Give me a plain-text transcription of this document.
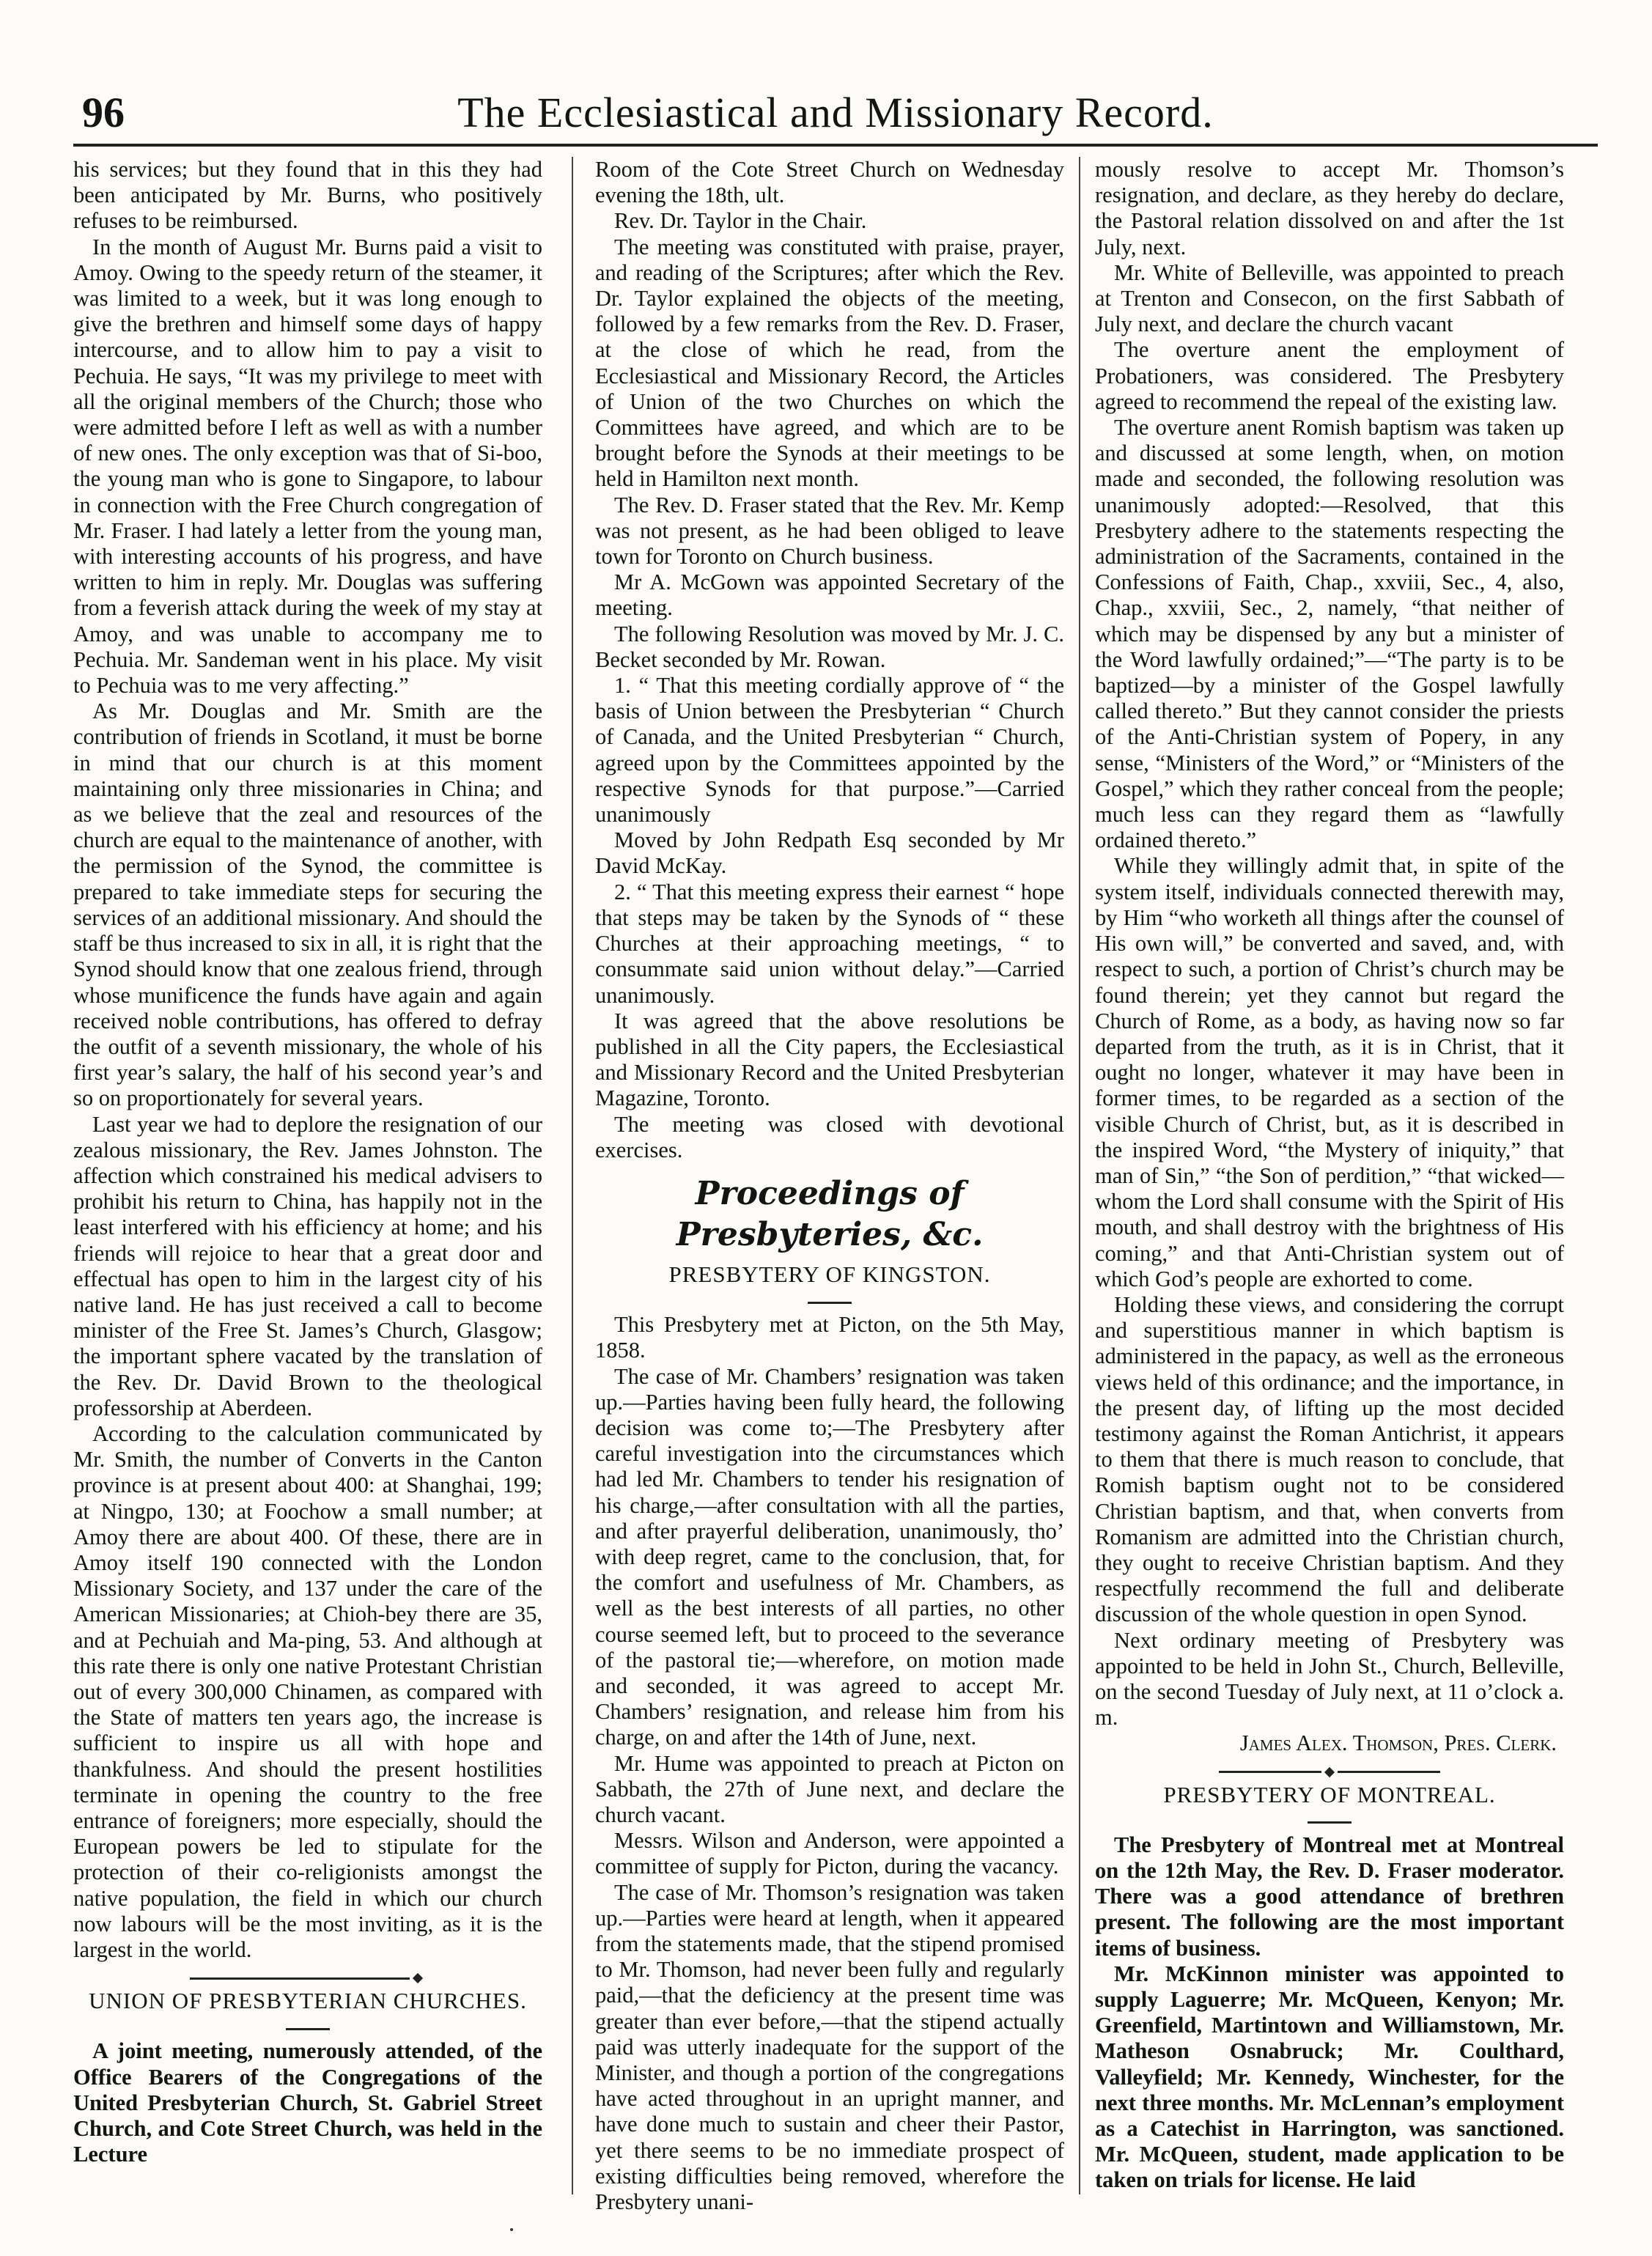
96	The Ecclesiastical and Missionary Record.

his services; but they found that in this they had been anticipated by Mr. Burns, who positively refuses to be reimbursed.

In the month of August Mr. Burns paid a visit to Amoy. Owing to the speedy return of the steamer, it was limited to a week, but it was long enough to give the brethren and himself some days of happy intercourse, and to allow him to pay a visit to Pechuia. He says, “It was my privilege to meet with all the original members of the Church; those who were admitted before I left as well as with a number of new ones. The only exception was that of Si-boo, the young man who is gone to Singapore, to labour in connection with the Free Church congregation of Mr. Fraser. I had lately a letter from the young man, with interesting accounts of his progress, and have written to him in reply. Mr. Douglas was suffering from a feverish attack during the week of my stay at Amoy, and was unable to accompany me to Pechuia. Mr. Sandeman went in his place. My visit to Pechuia was to me very affecting.”

As Mr. Douglas and Mr. Smith are the contribution of friends in Scotland, it must be borne in mind that our church is at this moment maintaining only three missionaries in China; and as we believe that the zeal and resources of the church are equal to the maintenance of another, with the permission of the Synod, the committee is prepared to take immediate steps for securing the services of an additional missionary. And should the staff be thus increased to six in all, it is right that the Synod should know that one zealous friend, through whose munificence the funds have again and again received noble contributions, has offered to defray the outfit of a seventh missionary, the whole of his first year’s salary, the half of his second year’s and so on proportionately for several years.

Last year we had to deplore the resignation of our zealous missionary, the Rev. James Johnston. The affection which constrained his medical advisers to prohibit his return to China, has happily not in the least interfered with his efficiency at home; and his friends will rejoice to hear that a great door and effectual has open to him in the largest city of his native land. He has just received a call to become minister of the Free St. James’s Church, Glasgow; the important sphere vacated by the translation of the Rev. Dr. David Brown to the theological professorship at Aberdeen.

According to the calculation communicated by Mr. Smith, the number of Converts in the Canton province is at present about 400: at Shanghai, 199; at Ningpo, 130; at Foochow a small number; at Amoy there are about 400. Of these, there are in Amoy itself 190 connected with the London Missionary Society, and 137 under the care of the American Missionaries; at Chioh-bey there are 35, and at Pechuiah and Ma-ping, 53. And although at this rate there is only one native Protestant Christian out of every 300,000 Chinamen, as compared with the State of matters ten years ago, the increase is sufficient to inspire us all with hope and thankfulness. And should the present hostilities terminate in opening the country to the free entrance of foreigners; more especially, should the European powers be led to stipulate for the protection of their co-religionists amongst the native population, the field in which our church now labours will be the most inviting, as it is the largest in the world.

UNION OF PRESBYTERIAN CHURCHES.

A joint meeting, numerously attended, of the Office Bearers of the Congregations of the United Presbyterian Church, St. Gabriel Street Church, and Cote Street Church, was held in the Lecture

Room of the Cote Street Church on Wednesday evening the 18th, ult.

Rev. Dr. Taylor in the Chair.

The meeting was constituted with praise, prayer, and reading of the Scriptures; after which the Rev. Dr. Taylor explained the objects of the meeting, followed by a few remarks from the Rev. D. Fraser, at the close of which he read, from the Ecclesiastical and Missionary Record, the Articles of Union of the two Churches on which the Committees have agreed, and which are to be brought before the Synods at their meetings to be held in Hamilton next month.

The Rev. D. Fraser stated that the Rev. Mr. Kemp was not present, as he had been obliged to leave town for Toronto on Church business.

Mr A. McGown was appointed Secretary of the meeting.

The following Resolution was moved by Mr. J. C. Becket seconded by Mr. Rowan.

1. “ That this meeting cordially approve of “ the basis of Union between the Presbyterian “ Church of Canada, and the United Presbyterian “ Church, agreed upon by the Committees appointed by the respective Synods for that purpose.”—Carried unanimously

Moved by John Redpath Esq seconded by Mr David McKay.

2. “ That this meeting express their earnest “ hope that steps may be taken by the Synods of “ these Churches at their approaching meetings, “ to consummate said union without delay.”—Carried unanimously.

It was agreed that the above resolutions be published in all the City papers, the Ecclesiastical and Missionary Record and the United Presbyterian Magazine, Toronto.

The meeting was closed with devotional exercises.

Proceedings of Presbyteries, &c.
PRESBYTERY OF KINGSTON.

This Presbytery met at Picton, on the 5th May, 1858.

The case of Mr. Chambers’ resignation was taken up.—Parties having been fully heard, the following decision was come to;—The Presbytery after careful investigation into the circumstances which had led Mr. Chambers to tender his resignation of his charge,—after consultation with all the parties, and after prayerful deliberation, unanimously, tho’ with deep regret, came to the conclusion, that, for the comfort and usefulness of Mr. Chambers, as well as the best interests of all parties, no other course seemed left, but to proceed to the severance of the pastoral tie;—wherefore, on motion made and seconded, it was agreed to accept Mr. Chambers’ resignation, and release him from his charge, on and after the 14th of June, next.

Mr. Hume was appointed to preach at Picton on Sabbath, the 27th of June next, and declare the church vacant.

Messrs. Wilson and Anderson, were appointed a committee of supply for Picton, during the vacancy.

The case of Mr. Thomson’s resignation was taken up.—Parties were heard at length, when it appeared from the statements made, that the stipend promised to Mr. Thomson, had never been fully and regularly paid,—that the deficiency at the present time was greater than ever before,—that the stipend actually paid was utterly inadequate for the support of the Minister, and though a portion of the congregations have acted throughout in an upright manner, and have done much to sustain and cheer their Pastor, yet there seems to be no immediate prospect of existing difficulties being removed, wherefore the Presbytery unani-

mously resolve to accept Mr. Thomson’s resignation, and declare, as they hereby do declare, the Pastoral relation dissolved on and after the 1st July, next.

Mr. White of Belleville, was appointed to preach at Trenton and Consecon, on the first Sabbath of July next, and declare the church vacant

The overture anent the employment of Probationers, was considered. The Presbytery agreed to recommend the repeal of the existing law.

The overture anent Romish baptism was taken up and discussed at some length, when, on motion made and seconded, the following resolution was unanimously adopted:—Resolved, that this Presbytery adhere to the statements respecting the administration of the Sacraments, contained in the Confessions of Faith, Chap., xxviii, Sec., 4, also, Chap., xxviii, Sec., 2, namely, “that neither of which may be dispensed by any but a minister of the Word lawfully ordained;”—“The party is to be baptized—by a minister of the Gospel lawfully called thereto.” But they cannot consider the priests of the Anti-Christian system of Popery, in any sense, “Ministers of the Word,” or “Ministers of the Gospel,” which they rather conceal from the people; much less can they regard them as “lawfully ordained thereto.”

While they willingly admit that, in spite of the system itself, individuals connected therewith may, by Him “who worketh all things after the counsel of His own will,” be converted and saved, and, with respect to such, a portion of Christ’s church may be found therein; yet they cannot but regard the Church of Rome, as a body, as having now so far departed from the truth, as it is in Christ, that it ought no longer, whatever it may have been in former times, to be regarded as a section of the visible Church of Christ, but, as it is described in the inspired Word, “the Mystery of iniquity,” that man of Sin,” “the Son of perdition,” “that wicked—whom the Lord shall consume with the Spirit of His mouth, and shall destroy with the brightness of His coming,” and that Anti-Christian system out of which God’s people are exhorted to come.

Holding these views, and considering the corrupt and superstitious manner in which baptism is administered in the papacy, as well as the erroneous views held of this ordinance; and the importance, in the present day, of lifting up the most decided testimony against the Roman Antichrist, it appears to them that there is much reason to conclude, that Romish baptism ought not to be considered Christian baptism, and that, when converts from Romanism are admitted into the Christian church, they ought to receive Christian baptism. And they respectfully recommend the full and deliberate discussion of the whole question in open Synod.

Next ordinary meeting of Presbytery was appointed to be held in John St., Church, Belleville, on the second Tuesday of July next, at 11 o’clock a. m.

James Alex. Thomson, Pres. Clerk.
PRESBYTERY OF MONTREAL.

The Presbytery of Montreal met at Montreal on the 12th May, the Rev. D. Fraser moderator. There was a good attendance of brethren present. The following are the most important items of business.

Mr. McKinnon minister was appointed to supply Laguerre; Mr. McQueen, Kenyon; Mr. Greenfield, Martintown and Williamstown, Mr. Matheson Osnabruck; Mr. Coulthard, Valleyfield; Mr. Kennedy, Winchester, for the next three months. Mr. McLennan’s employment as a Catechist in Harrington, was sanctioned. Mr. McQueen, student, made application to be taken on trials for license. He laid
